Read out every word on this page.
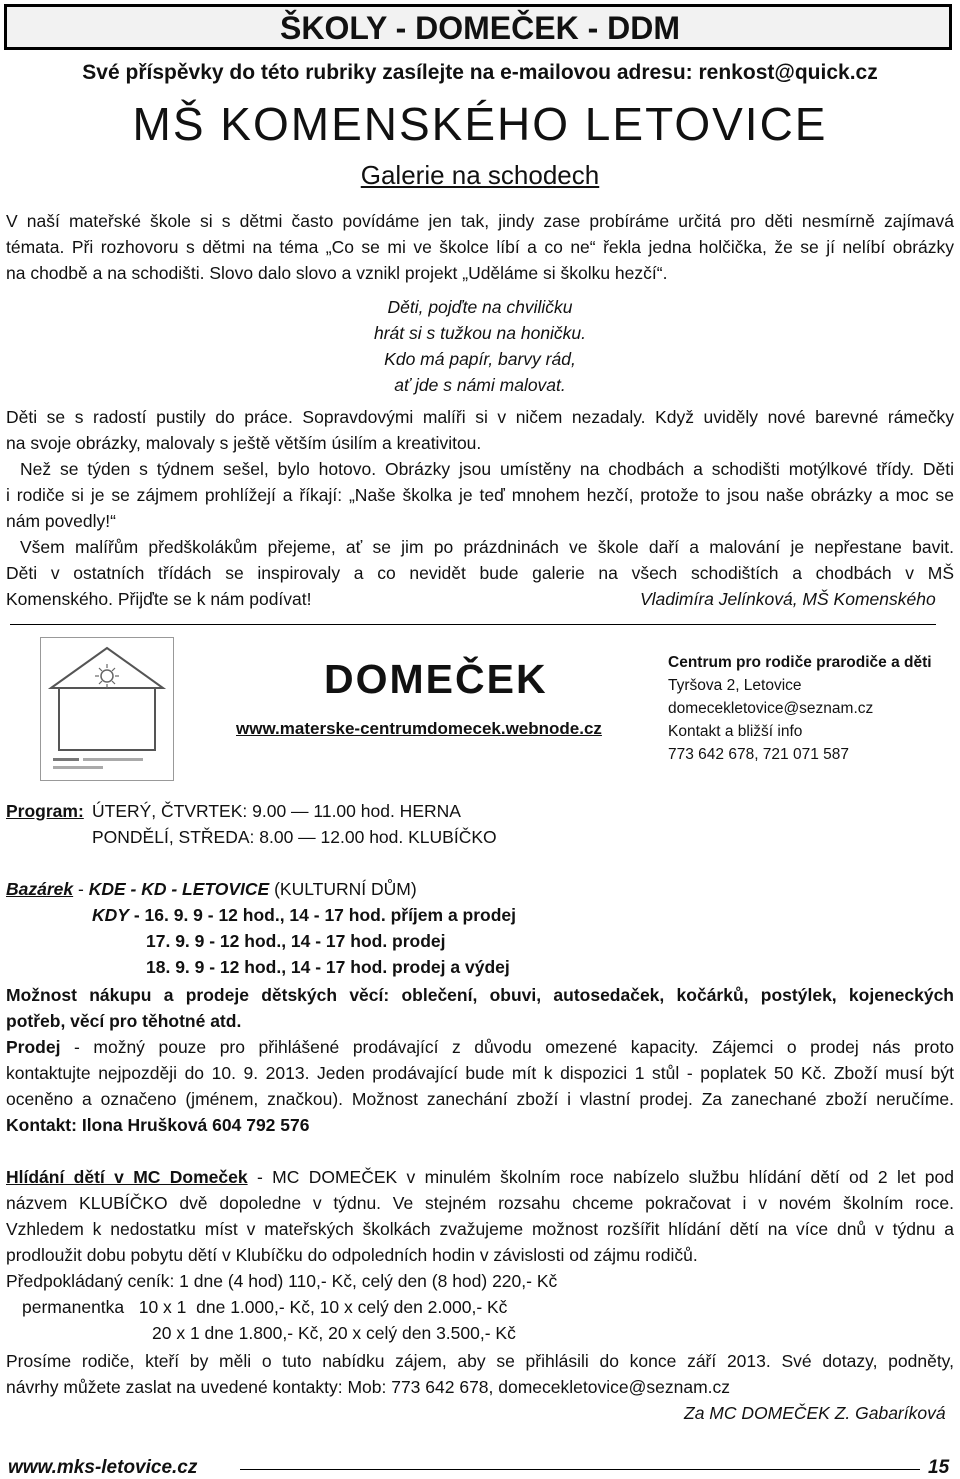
ŠKOLY - DOMEČEK - DDM
Své příspěvky do této rubriky zasílejte na e-mailovou adresu: renkost@quick.cz
MŠ KOMENSKÉHO LETOVICE
Galerie na schodech
V naší mateřské škole si s dětmi často povídáme jen tak, jindy zase probíráme určitá pro děti nesmírně zajímavá
témata. Při rozhovoru s dětmi na téma „Co se mi ve školce líbí a co ne“ řekla jedna holčička, že se jí nelíbí obrázky
na chodbě a na schodišti. Slovo dalo slovo a vznikl projekt „Uděláme si školku hezčí“.
Děti, pojďte na chviličku
hrát si s tužkou na honičku.
Kdo má papír, barvy rád,
ať jde s námi malovat.
Děti se s radostí pustily do práce. Sopravdovými malíři si v ničem nezadaly. Když uviděly nové barevné rámečky
na svoje obrázky, malovaly s ještě větším úsilím a kreativitou.
Než se týden s týdnem sešel, bylo hotovo. Obrázky jsou umístěny na chodbách a schodišti motýlkové třídy. Děti
i rodiče si je se zájmem prohlížejí a říkají: „Naše školka je teď mnohem hezčí, protože to jsou naše obrázky a moc se
nám povedly!“
Všem malířům předškolákům přejeme, ať se jim po prázdninách ve škole daří a malování je nepřestane bavit.
Děti v ostatních třídách se inspirovaly a co nevidět bude galerie na všech schodištích a chodbách v MŠ
Komenského. Přijďte se k nám podívat!	Vladimíra Jelínková, MŠ Komenského
DOMEČEK
www.materske-centrumdomecek.webnode.cz
Centrum pro rodiče prarodiče a děti
Tyršova 2, Letovice
domecekletovice@seznam.cz
Kontakt a bližší info
773 642 678, 721 071 587
Program: ÚTERÝ, ČTVRTEK: 9.00 — 11.00 hod. HERNA
PONDĚLÍ, STŘEDA: 8.00 — 12.00 hod. KLUBÍČKO
Bazárek - KDE - KD - LETOVICE (KULTURNÍ DŮM)
KDY - 16. 9. 9 - 12 hod., 14 - 17 hod. příjem a prodej
17. 9. 9 - 12 hod., 14 - 17 hod. prodej
18. 9. 9 - 12 hod., 14 - 17 hod. prodej a výdej
Možnost nákupu a prodeje dětských věcí: oblečení, obuvi, autosedaček, kočárků, postýlek, kojeneckých
potřeb, věcí pro těhotné atd.
Prodej - možný pouze pro přihlášené prodávající z důvodu omezené kapacity. Zájemci o prodej nás proto
kontaktujte nejpozději do 10. 9. 2013. Jeden prodávající bude mít k dispozici 1 stůl - poplatek 50 Kč. Zboží musí být
oceněno a označeno (jménem, značkou). Možnost zanechání zboží i vlastní prodej. Za zanechané zboží neručíme.
Kontakt: Ilona Hrušková 604 792 576
Hlídání dětí v MC Domeček - MC DOMEČEK v minulém školním roce nabízelo službu hlídání dětí od 2 let pod
názvem KLUBÍČKO dvě dopoledne v týdnu. Ve stejném rozsahu chceme pokračovat i v novém školním roce.
Vzhledem k nedostatku míst v mateřských školkách zvažujeme možnost rozšířit hlídání dětí na více dnů v týdnu a
prodloužit dobu pobytu dětí v Klubíčku do odpoledních hodin v závislosti od zájmu rodičů.
Předpokládaný ceník: 1 dne (4 hod) 110,- Kč, celý den (8 hod) 220,- Kč
permanentka   10 x 1  dne 1.000,- Kč, 10 x celý den 2.000,- Kč
20 x 1 dne 1.800,- Kč, 20 x celý den 3.500,- Kč
Prosíme rodiče, kteří by měli o tuto nabídku zájem, aby se přihlásili do konce září 2013. Své dotazy, podněty,
návrhy můžete zaslat na uvedené kontakty: Mob: 773 642 678, domecekletovice@seznam.cz
Za MC DOMEČEK Z. Gabaríková
www.mks-letovice.cz	15
